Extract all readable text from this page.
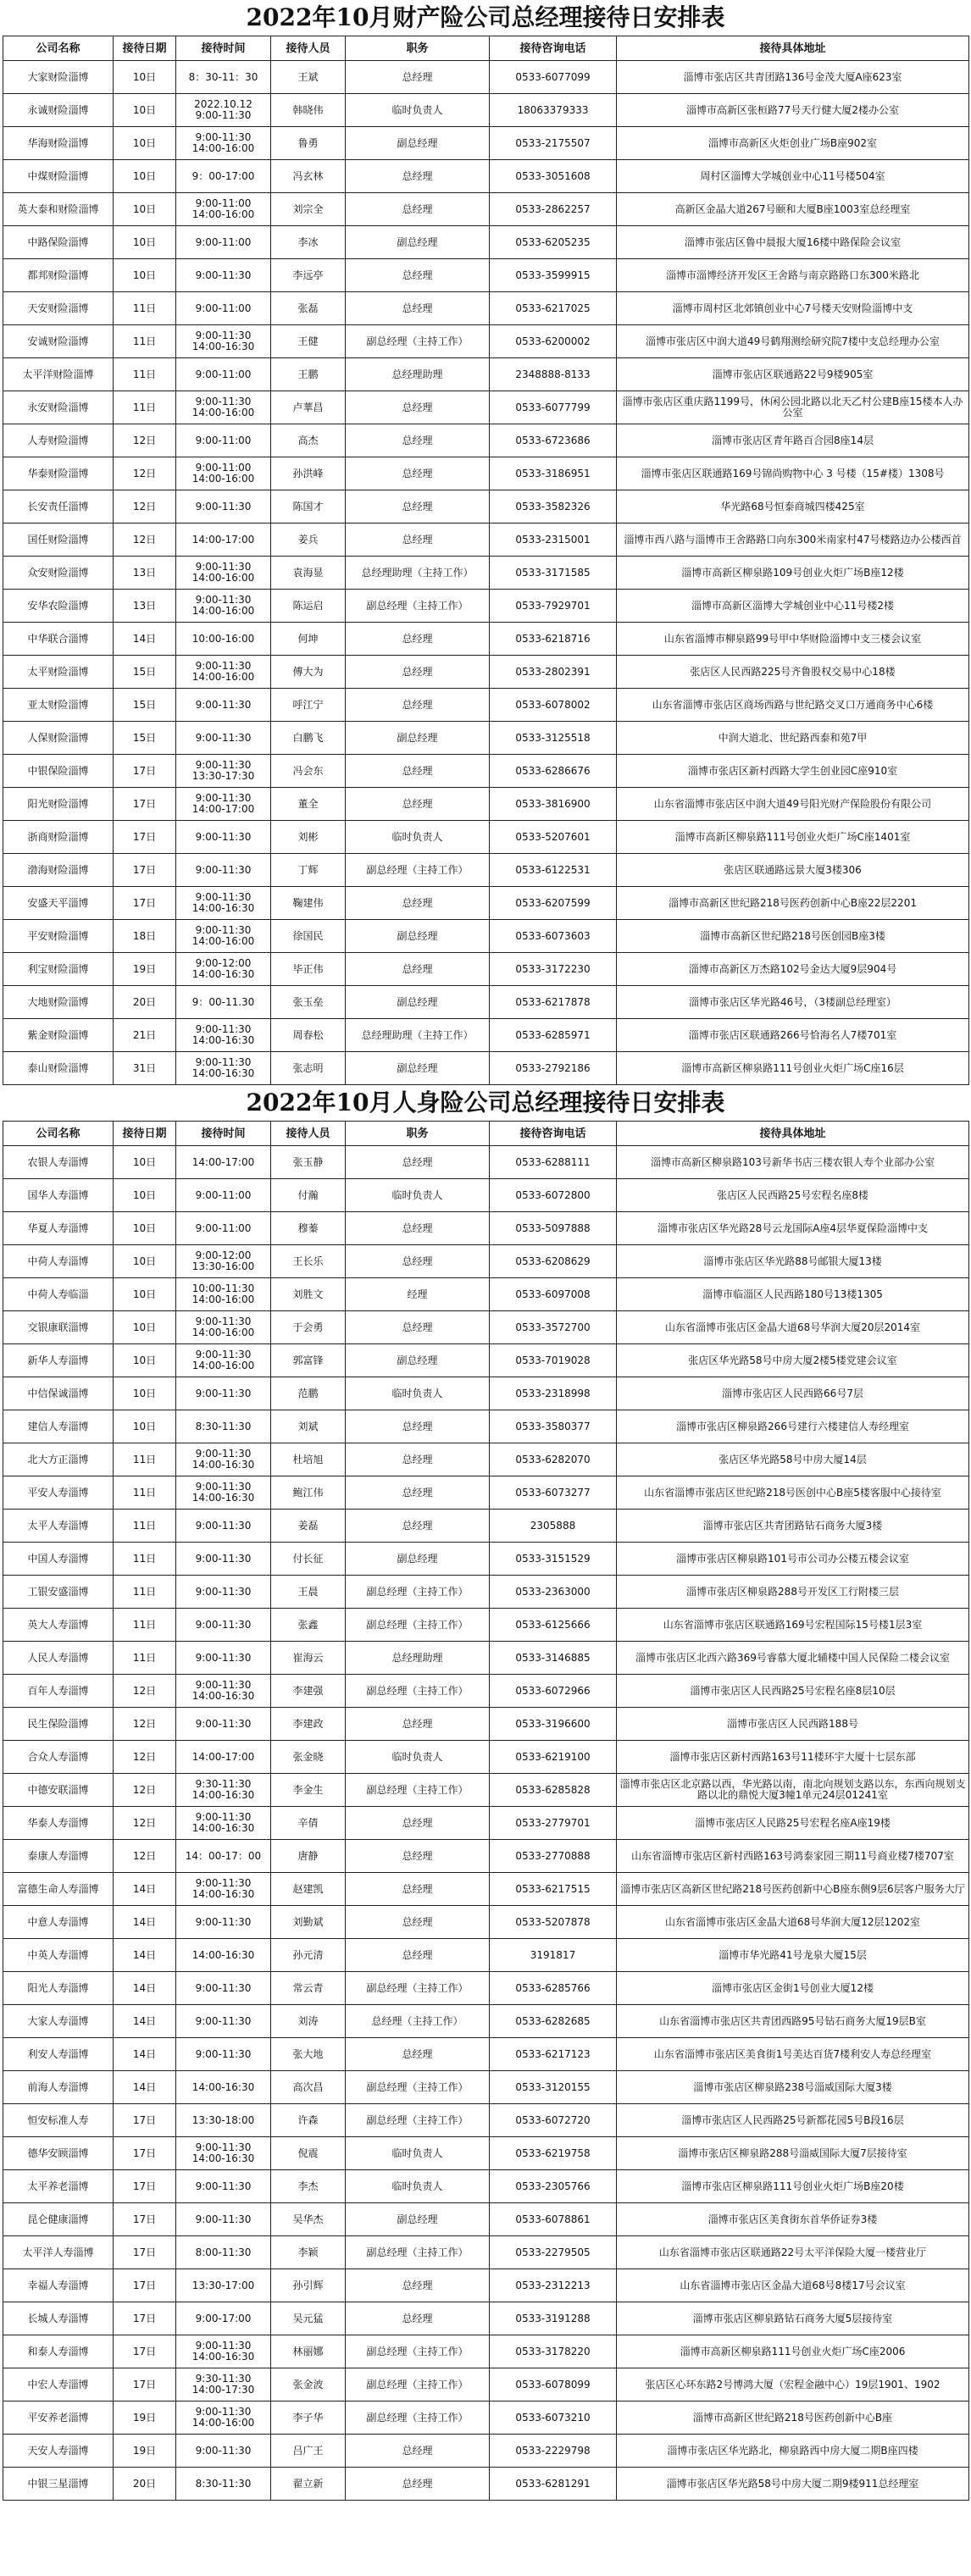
2022年10月财产险公司总经理接待日安排表
公司名称	接待日期	接待时间	接待人员	职务	接待咨询电话	接待具体地址
大家财险淄博	10日	8：30-11：30	王斌	总经理	0533-6077099	淄博市张店区共青团路136号金茂大厦A座623室
永诚财险淄博	10日	2022.10.12
9:00-11:30	韩晓伟	临时负责人	18063379333	淄博市高新区张桓路77号天行健大厦2楼办公室
华海财险淄博	10日	9:00-11:30
14:00-16:00	鲁勇	副总经理	0533-2175507	淄博市高新区火炬创业广场B座902室
中煤财险淄博	10日	9：00-17:00	冯玄林	总经理	0533-3051608	周村区淄博大学城创业中心11号楼504室
英大泰和财险淄博	10日	9:00-11:00
14:00-16:00	刘宗全	总经理	0533-2862257	高新区金晶大道267号颐和大厦B座1003室总经理室
中路保险淄博	10日	9:00-11:00	李冰	副总经理	0533-6205235	淄博市张店区鲁中晨报大厦16楼中路保险会议室
都邦财险淄博	10日	9:00-11:30	李远亭	总经理	0533-3599915	淄博市淄博经济开发区王舍路与南京路路口东300米路北
天安财险淄博	11日	9:00-11:00	张磊	总经理	0533-6217025	淄博市周村区北郊镇创业中心7号楼天安财险淄博中支
安诚财险淄博	11日	9:00-11:30
14:00-16:30	王健	副总经理（主持工作）	0533-6200002	淄博市张店区中润大道49号鹤翔测绘研究院7楼中支总经理办公室
太平洋财险淄博	11日	9:00-11:00	王鹏	总经理助理	2348888-8133	淄博市张店区联通路22号9楼905室
永安财险淄博	11日	9:00-11:30
14:00-16:00	卢華昌	总经理	0533-6077799	淄博市张店区重庆路1199号，休闲公园北路以北天乙村公建B座15楼本人办公室
人寿财险淄博	12日	9:00-11:00	高杰	总经理	0533-6723686	淄博市张店区青年路百合园8座14层
华泰财险淄博	12日	9:00-11:00
14:00-16:00	孙洪峰	总经理	0533-3186951	淄博市张店区联通路169号锦尚购物中心 3 号楼（15#楼）1308号
长安责任淄博	12日	9:00-11:30	陈国才	总经理	0533-3582326	华光路68号恒泰商城四楼425室
国任财险淄博	12日	14:00-17:00	姜兵	总经理	0533-2315001	淄博市西八路与淄博市王舍路路口向东300米南家村47号楼路边办公楼西首
众安财险淄博	13日	9:00-11:30
14:00-16:00	袁海显	总经理助理（主持工作）	0533-3171585	淄博市高新区柳泉路109号创业火炬广场B座12楼
安华农险淄博	13日	9:00-11:30
14:00-16:00	陈运启	副总经理（主持工作）	0533-7929701	淄博市高新区淄博大学城创业中心11号楼2楼
中华联合淄博	14日	10:00-16:00	何坤	总经理	0533-6218716	山东省淄博市柳泉路99号甲中华财险淄博中支三楼会议室
太平财险淄博	15日	9:00-11:30
14:00-16:00	傅大为	总经理	0533-2802391	张店区人民西路225号齐鲁股权交易中心18楼
亚太财险淄博	15日	9:00-11:30	呼江宁	总经理	0533-6078002	山东省淄博市张店区商场西路与世纪路交叉口万通商务中心6楼
人保财险淄博	15日	9:00-11:30	白鹏飞	副总经理	0533-3125518	中润大道北、世纪路西泰和苑7甲
中银保险淄博	17日	9:00-11:30
13:30-17:30	冯会东	总经理	0533-6286676	淄博市张店区新村西路大学生创业园C座910室
阳光财险淄博	17日	9:00-11:30
14:00-17:00	董全	总经理	0533-3816900	山东省淄博市张店区中润大道49号阳光财产保险股份有限公司
浙商财险淄博	17日	9:00-11:30	刘彬	临时负责人	0533-5207601	淄博市高新区柳泉路111号创业火炬广场C座1401室
渤海财险淄博	17日	9:00-11:30	丁辉	副总经理（主持工作）	0533-6122531	张店区联通路远景大厦3楼306
安盛天平淄博	17日	9:00-11:30
14:00-16:30	鞠建伟	总经理	0533-6207599	淄博市高新区世纪路218号医药创新中心B座22层2201
平安财险淄博	18日	9:00-11:30
14:00-16:00	徐国民	副总经理	0533-6073603	淄博市高新区世纪路218号医创园B座3楼
利宝财险淄博	19日	9:00-12:00
14:00-16:30	毕正伟	总经理	0533-3172230	淄博市高新区万杰路102号金达大厦9层904号
大地财险淄博	20日	9：00-11.30	张玉垒	副总经理	0533-6217878	淄博市张店区华光路46号，（3楼副总经理室）
紫金财险淄博	21日	9:00-11:30
14:00-16:30	周春松	总经理助理（主持工作）	0533-6285971	淄博市张店区联通路266号恰海名人7楼701室
泰山财险淄博	31日	9:00-11:30
14:00-16:30	张志明	副总经理	0533-2792186	淄博市高新区柳泉路111号创业火炬广场C座16层
2022年10月人身险公司总经理接待日安排表
公司名称	接待日期	接待时间	接待人员	职务	接待咨询电话	接待具体地址
农银人寿淄博	10日	14:00-17:00	张玉静	总经理	0533-6288111	淄博市高新区柳泉路103号新华书店三楼农银人寿个业部办公室
国华人寿淄博	10日	9:00-11:00	付瀚	临时负责人	0533-6072800	张店区人民西路25号宏程名座8楼
华夏人寿淄博	10日	9:00-11:00	穆蓁	总经理	0533-5097888	淄博市张店区华光路28号云龙国际A座4层华夏保险淄博中支
中荷人寿淄博	10日	9:00-12:00
13:30-16:00	王长乐	总经理	0533-6208629	淄博市张店区华光路88号邮银大厦13楼
中荷人寿临淄	10日	10:00-11:30
14:00-16:00	刘胜文	经理	0533-6097008	淄博市临淄区人民西路180号13楼1305
交银康联淄博	10日	9:00-11:30
14:00-16:00	于会勇	总经理	0533-3572700	山东省淄博市张店区金晶大道68号华润大厦20层2014室
新华人寿淄博	10日	9:00-11:30
14:00-16:00	郭富锋	副总经理	0533-7019028	张店区华光路58号中房大厦2楼5楼党建会议室
中信保诚淄博	10日	9:00-11:30	范鹏	临时负责人	0533-2318998	淄博市张店区人民西路66号7层
建信人寿淄博	10日	8:30-11:30	刘斌	总经理	0533-3580377	淄博市张店区柳泉路266号建行六楼建信人寿经理室
北大方正淄博	11日	9:00-11:30
14:00-16:30	杜培旭	总经理	0533-6282070	张店区华光路58号中房大厦14层
平安人寿淄博	11日	9:00-11:30
14:00-16:30	鲍江伟	总经理	0533-6073277	山东省淄博市张店区世纪路218号医创中心B座5楼客服中心接待室
太平人寿淄博	11日	9:00-11:30	姜磊	总经理	2305888	淄博市张店区共青团路钻石商务大厦3楼
中国人寿淄博	11日	9:00-11:30	付长征	副总经理	0533-3151529	淄博市张店区柳泉路101号市公司办公楼五楼会议室
工银安盛淄博	11日	9:00-11:30	王晨	副总经理（主持工作）	0533-2363000	淄博市张店区柳泉路288号开发区工行附楼三层
英大人寿淄博	11日	9:00-11:30	张鑫	副总经理（主持工作）	0533-6125666	山东省淄博市张店区联通路169号宏程国际15号楼1层3室
人民人寿淄博	11日	9:00-11:30	崔海云	总经理助理	0533-3146885	淄博市张店区北西六路369号睿慕大厦北辅楼中国人民保险二楼会议室
百年人寿淄博	12日	9:00-11:30
14:00-16:30	李建强	副总经理（主持工作）	0533-6072966	淄博市张店区人民西路25号宏程名座8层10层
民生保险淄博	12日	9:00-11:30	李建政	总经理	0533-3196600	淄博市张店区人民西路188号
合众人寿淄博	12日	14:00-17:00	张金晓	临时负责人	0533-6219100	淄博市张店区新村西路163号11楼环宇大厦十七层东部
中德安联淄博	12日	9:30-11:30
14:00-16:30	李金生	副总经理（主持工作）	0533-6285828	淄博市张店区北京路以西，华光路以南，南北向规划支路以东，东西向规划支路以北的鼎悦大厦3幢1单元24层01241室
华泰人寿淄博	12日	9:00-11:30
14:00-16:30	辛倩	总经理	0533-2779701	淄博市张店区人民路25号宏程名座A座19楼
泰康人寿淄博	12日	14：00-17：00	唐静	总经理	0533-2770888	山东省淄博市张店区新村西路163号鸿泰家园三期11号商业楼7楼707室
富德生命人寿淄博	14日	9:00-11:30
14:00-16:30	赵建凯	总经理	0533-6217515	淄博市张店区高新区世纪路218号医药创新中心B座东侧9层6层客户服务大厅
中意人寿淄博	14日	9:00-11:30	刘勤斌	总经理	0533-5207878	山东省淄博市张店区金晶大道68号华润大厦12层1202室
中英人寿淄博	14日	14:00-16:30	孙元清	总经理	3191817	淄博市华光路41号龙泉大厦15层
阳光人寿淄博	14日	9:00-11:30	常云青	副总经理（主持工作）	0533-6285766	淄博市张店区金街1号创业大厦12楼
大家人寿淄博	14日	9:00-11:30	刘涛	总经理（主持工作）	0533-6282685	山东省淄博市张店区共青团西路95号钻石商务大厦19层B室
利安人寿淄博	14日	9:00-11:30	张大地	总经理	0533-6217123	山东省淄博市张店区美食街1号美达百货7楼利安人寿总经理室
前海人寿淄博	14日	14:00-16:30	高次昌	副总经理（主持工作）	0533-3120155	淄博市张店区柳泉路238号淄威国际大厦3楼
恒安标准人寿	17日	13:30-18:00	许森	副总经理（主持工作）	0533-6072720	淄博市张店区人民西路25号新都花园5号B段16层
德华安顾淄博	17日	9:00-11:30
14:00-16:30	倪震	临时负责人	0533-6219758	淄博市张店区柳泉路288号淄威国际大厦7层接待室
太平养老淄博	17日	9:00-11:30	李杰	临时负责人	0533-2305766	淄博市张店区柳泉路111号创业火炬广场B座20楼
昆仑健康淄博	17日	9:00-11:30	吴华杰	副总经理	0533-6078861	淄博市张店区美食街东首华侨证券3楼
太平洋人寿淄博	17日	8:00-11:30	李颖	副总经理（主持工作）	0533-2279505	山东省淄博市张店区联通路22号太平洋保险大厦一楼营业厅
幸福人寿淄博	17日	13:30-17:00	孙引辉	总经理	0533-2312213	山东省淄博市张店区金晶大道68号8楼17号会议室
长城人寿淄博	17日	9:00-17:00	吴元猛	总经理	0533-3191288	淄博市张店区柳泉路钻石商务大厦5层接待室
和泰人寿淄博	17日	9:00-11:30
14:00-16:30	林丽娜	副总经理（主持工作）	0533-3178220	淄博市高新区柳泉路111号创业火炬广场C座2006
中宏人寿淄博	17日	9:30-11:30
14:00-17:30	张金波	副总经理（主持工作）	0533-6078099	张店区心环东路2号博鸿大厦（宏程金融中心）19层1901、1902
平安养老淄博	19日	9:00-11:30
14:00-16:00	李子华	副总经理（主持工作）	0533-6073210	淄博市高新区世纪路218号医药创新中心B座
天安人寿淄博	19日	9:00-11:30	吕广王	总经理	0533-2229798	淄博市张店区华光路北，柳泉路西中房大厦二期B座四楼
中银三星淄博	20日	8:30-11:30	翟立新	总经理	0533-6281291	淄博市张店区华光路58号中房大厦二期9楼911总经理室
